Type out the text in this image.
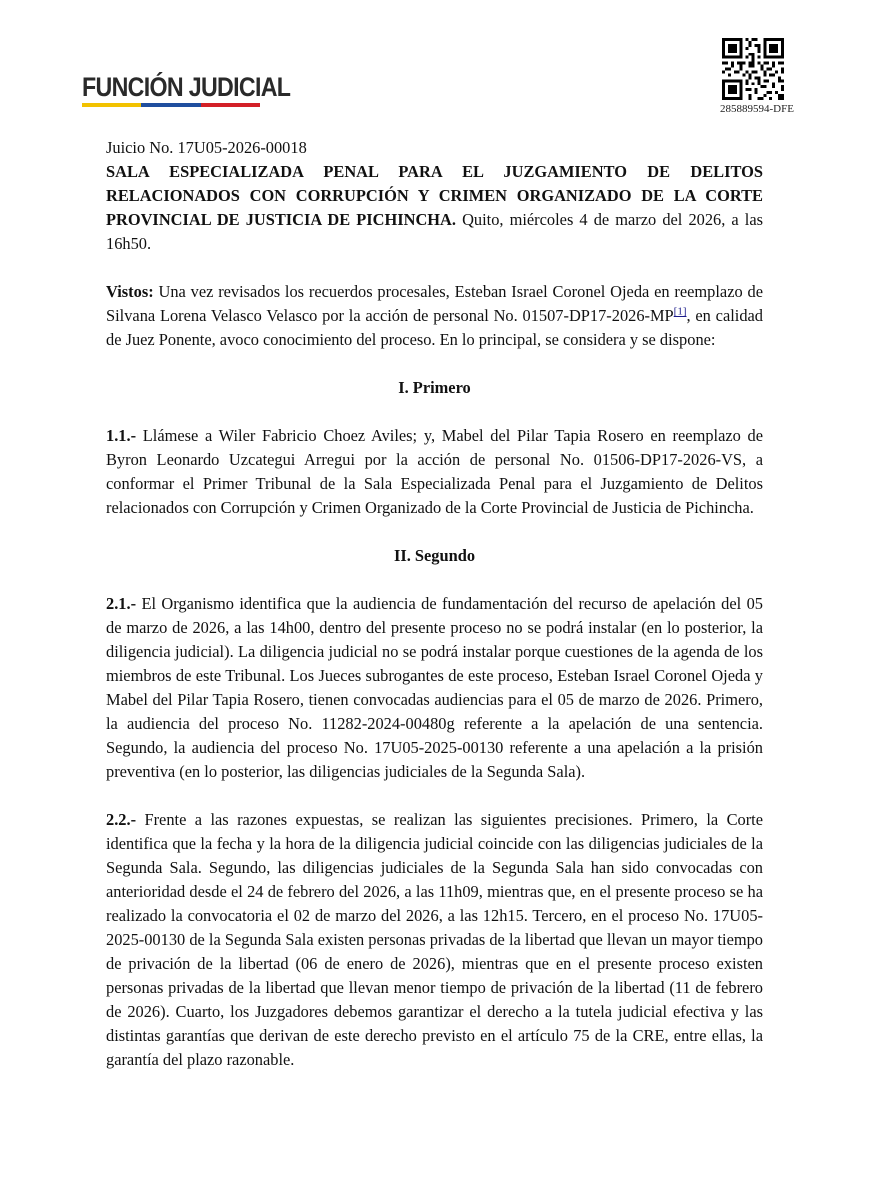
FUNCIÓN JUDICIAL
285889594-DFE

Juicio No. 17U05-2026-00018
SALA ESPECIALIZADA PENAL PARA EL JUZGAMIENTO DE DELITOS RELACIONADOS CON CORRUPCIÓN Y CRIMEN ORGANIZADO DE LA CORTE PROVINCIAL DE JUSTICIA DE PICHINCHA. Quito, miércoles 4 de marzo del 2026, a las 16h50.

Vistos: Una vez revisados los recuerdos procesales, Esteban Israel Coronel Ojeda en reemplazo de Silvana Lorena Velasco Velasco por la acción de personal No. 01507-DP17-2026-MP[1], en calidad de Juez Ponente, avoco conocimiento del proceso. En lo principal, se considera y se dispone:

I. Primero

1.1.- Llámese a Wiler Fabricio Choez Aviles; y, Mabel del Pilar Tapia Rosero en reemplazo de Byron Leonardo Uzcategui Arregui por la acción de personal No. 01506-DP17-2026-VS, a conformar el Primer Tribunal de la Sala Especializada Penal para el Juzgamiento de Delitos relacionados con Corrupción y Crimen Organizado de la Corte Provincial de Justicia de Pichincha.

II. Segundo

2.1.- El Organismo identifica que la audiencia de fundamentación del recurso de apelación del 05 de marzo de 2026, a las 14h00, dentro del presente proceso no se podrá instalar (en lo posterior, la diligencia judicial). La diligencia judicial no se podrá instalar porque cuestiones de la agenda de los miembros de este Tribunal. Los Jueces subrogantes de este proceso, Esteban Israel Coronel Ojeda y Mabel del Pilar Tapia Rosero, tienen convocadas audiencias para el 05 de marzo de 2026. Primero, la audiencia del proceso No. 11282-2024-00480g referente a la apelación de una sentencia. Segundo, la audiencia del proceso No. 17U05-2025-00130 referente a una apelación a la prisión preventiva (en lo posterior, las diligencias judiciales de la Segunda Sala).

2.2.- Frente a las razones expuestas, se realizan las siguientes precisiones. Primero, la Corte identifica que la fecha y la hora de la diligencia judicial coincide con las diligencias judiciales de la Segunda Sala. Segundo, las diligencias judiciales de la Segunda Sala han sido convocadas con anterioridad desde el 24 de febrero del 2026, a las 11h09, mientras que, en el presente proceso se ha realizado la convocatoria el 02 de marzo del 2026, a las 12h15. Tercero, en el proceso No. 17U05-2025-00130 de la Segunda Sala existen personas privadas de la libertad que llevan un mayor tiempo de privación de la libertad (06 de enero de 2026), mientras que en el presente proceso existen personas privadas de la libertad que llevan menor tiempo de privación de la libertad (11 de febrero de 2026). Cuarto, los Juzgadores debemos garantizar el derecho a la tutela judicial efectiva y las distintas garantías que derivan de este derecho previsto en el artículo 75 de la CRE, entre ellas, la garantía del plazo razonable.
